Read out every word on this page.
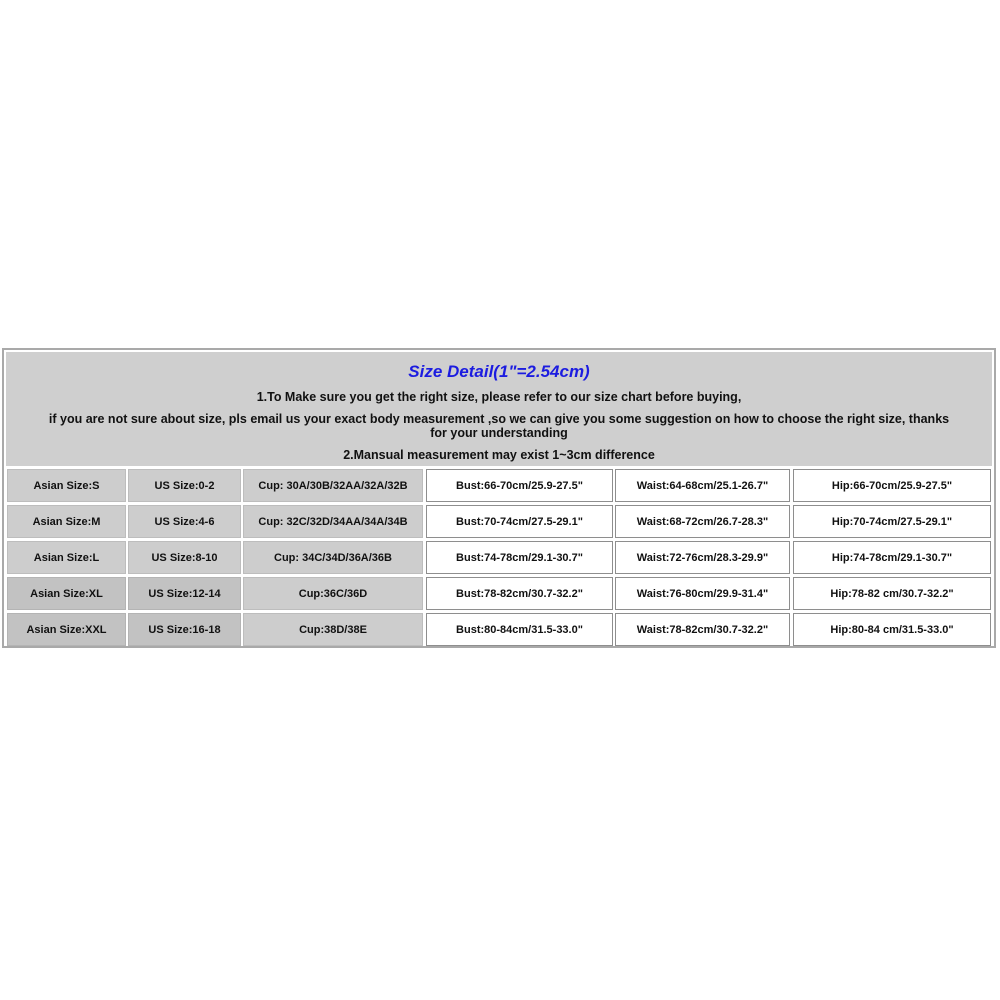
Size Detail(1"=2.54cm)
1.To Make sure you get the right size, please refer to our size chart before buying,
if you are not sure about size, pls email us your exact body measurement ,so we can give you some suggestion on how to choose the right size, thanks for your understanding
2.Mansual measurement may exist 1~3cm difference
Asian Size:S	US Size:0-2	Cup: 30A/30B/32AA/32A/32B	Bust:66-70cm/25.9-27.5"	Waist:64-68cm/25.1-26.7"	Hip:66-70cm/25.9-27.5"
Asian Size:M	US Size:4-6	Cup: 32C/32D/34AA/34A/34B	Bust:70-74cm/27.5-29.1"	Waist:68-72cm/26.7-28.3"	Hip:70-74cm/27.5-29.1"
Asian Size:L	US Size:8-10	Cup: 34C/34D/36A/36B	Bust:74-78cm/29.1-30.7"	Waist:72-76cm/28.3-29.9"	Hip:74-78cm/29.1-30.7"
Asian Size:XL	US Size:12-14	Cup:36C/36D	Bust:78-82cm/30.7-32.2"	Waist:76-80cm/29.9-31.4"	Hip:78-82 cm/30.7-32.2"
Asian Size:XXL	US Size:16-18	Cup:38D/38E	Bust:80-84cm/31.5-33.0"	Waist:78-82cm/30.7-32.2"	Hip:80-84 cm/31.5-33.0"
